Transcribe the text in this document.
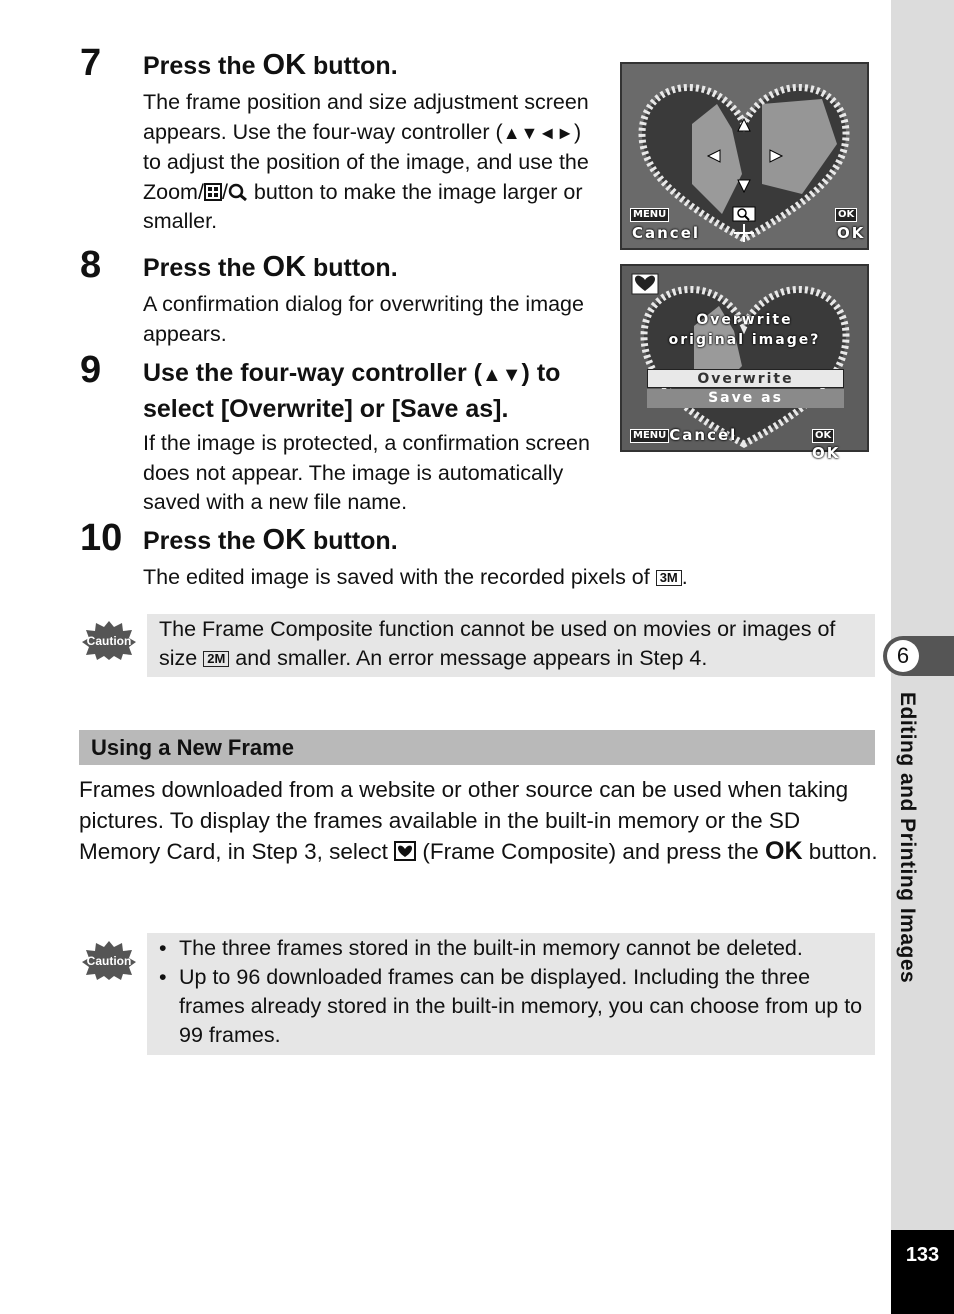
7 Press the OK button.
The frame position and size adjustment screen appears. Use the four-way controller (▲▼◄►) to adjust the position of the image, and use the Zoom/ / button to make the image larger or smaller.	MENU
Cancel
OK
OK
8 Press the OK button.
A confirmation dialog for overwriting the image appears.
Overwrite
original image?
Overwrite
Save as
MENU Cancel	OK OK
9 Use the four-way controller (▲▼) to select [Overwrite] or [Save as].
If the image is protected, a confirmation screen does not appear. The image is automatically saved with a new file name.
10 Press the OK button.
The edited image is saved with the recorded pixels of 3M .
Caution	The Frame Composite function cannot be used on movies or images of size 2M and smaller. An error message appears in Step 4.
Using a New Frame
Frames downloaded from a website or other source can be used when taking pictures. To display the frames available in the built-in memory or the SD Memory Card, in Step 3, select  (Frame Composite) and press the OK button.
Caution
• The three frames stored in the built-in memory cannot be deleted.
• Up to 96 downloaded frames can be displayed. Including the three frames already stored in the built-in memory, you can choose from up to 99 frames.
6
Editing and Printing Images
133
